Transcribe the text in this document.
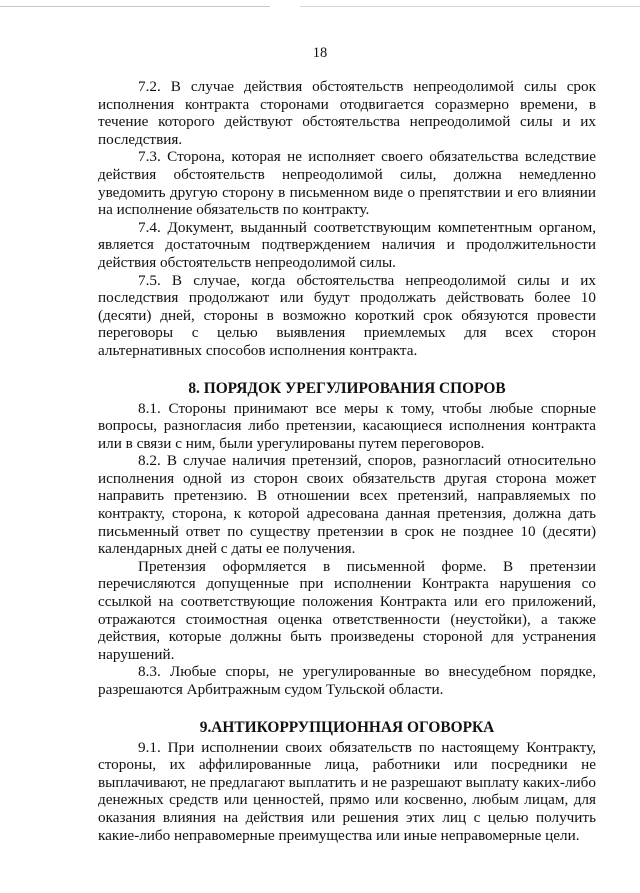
18

7.2. В случае действия обстоятельств непреодолимой силы срок исполнения контракта сторонами отодвигается соразмерно времени, в течение которого действуют обстоятельства непреодолимой силы и их последствия.

7.3. Сторона, которая не исполняет своего обязательства вследствие действия обстоятельств непреодолимой силы, должна немедленно уведомить другую сторону в письменном виде о препятствии и его влиянии на исполнение обязательств по контракту.

7.4. Документ, выданный соответствующим компетентным органом, является достаточным подтверждением наличия и продолжительности действия обстоятельств непреодолимой силы.

7.5. В случае, когда обстоятельства непреодолимой силы и их последствия продолжают или будут продолжать действовать более 10 (десяти) дней, стороны в возможно короткий срок обязуются провести переговоры с целью выявления приемлемых для всех сторон альтернативных способов исполнения контракта.

8. ПОРЯДОК УРЕГУЛИРОВАНИЯ СПОРОВ

8.1. Стороны принимают все меры к тому, чтобы любые спорные вопросы, разногласия либо претензии, касающиеся исполнения контракта или в связи с ним, были урегулированы путем переговоров.

8.2. В случае наличия претензий, споров, разногласий относительно исполнения одной из сторон своих обязательств другая сторона может направить претензию. В отношении всех претензий, направляемых по контракту, сторона, к которой адресована данная претензия, должна дать письменный ответ по существу претензии в срок не позднее 10 (десяти) календарных дней с даты ее получения.

Претензия оформляется в письменной форме. В претензии перечисляются допущенные при исполнении Контракта нарушения со ссылкой на соответствующие положения Контракта или его приложений, отражаются стоимостная оценка ответственности (неустойки), а также действия, которые должны быть произведены стороной для устранения нарушений.

8.3. Любые споры, не урегулированные во внесудебном порядке, разрешаются Арбитражным судом Тульской области.

9.АНТИКОРРУПЦИОННАЯ ОГОВОРКА

9.1. При исполнении своих обязательств по настоящему Контракту, стороны, их аффилированные лица, работники или посредники не выплачивают, не предлагают выплатить и не разрешают выплату каких-либо денежных средств или ценностей, прямо или косвенно, любым лицам, для оказания влияния на действия или решения этих лиц с целью получить какие-либо неправомерные преимущества или иные неправомерные цели.
